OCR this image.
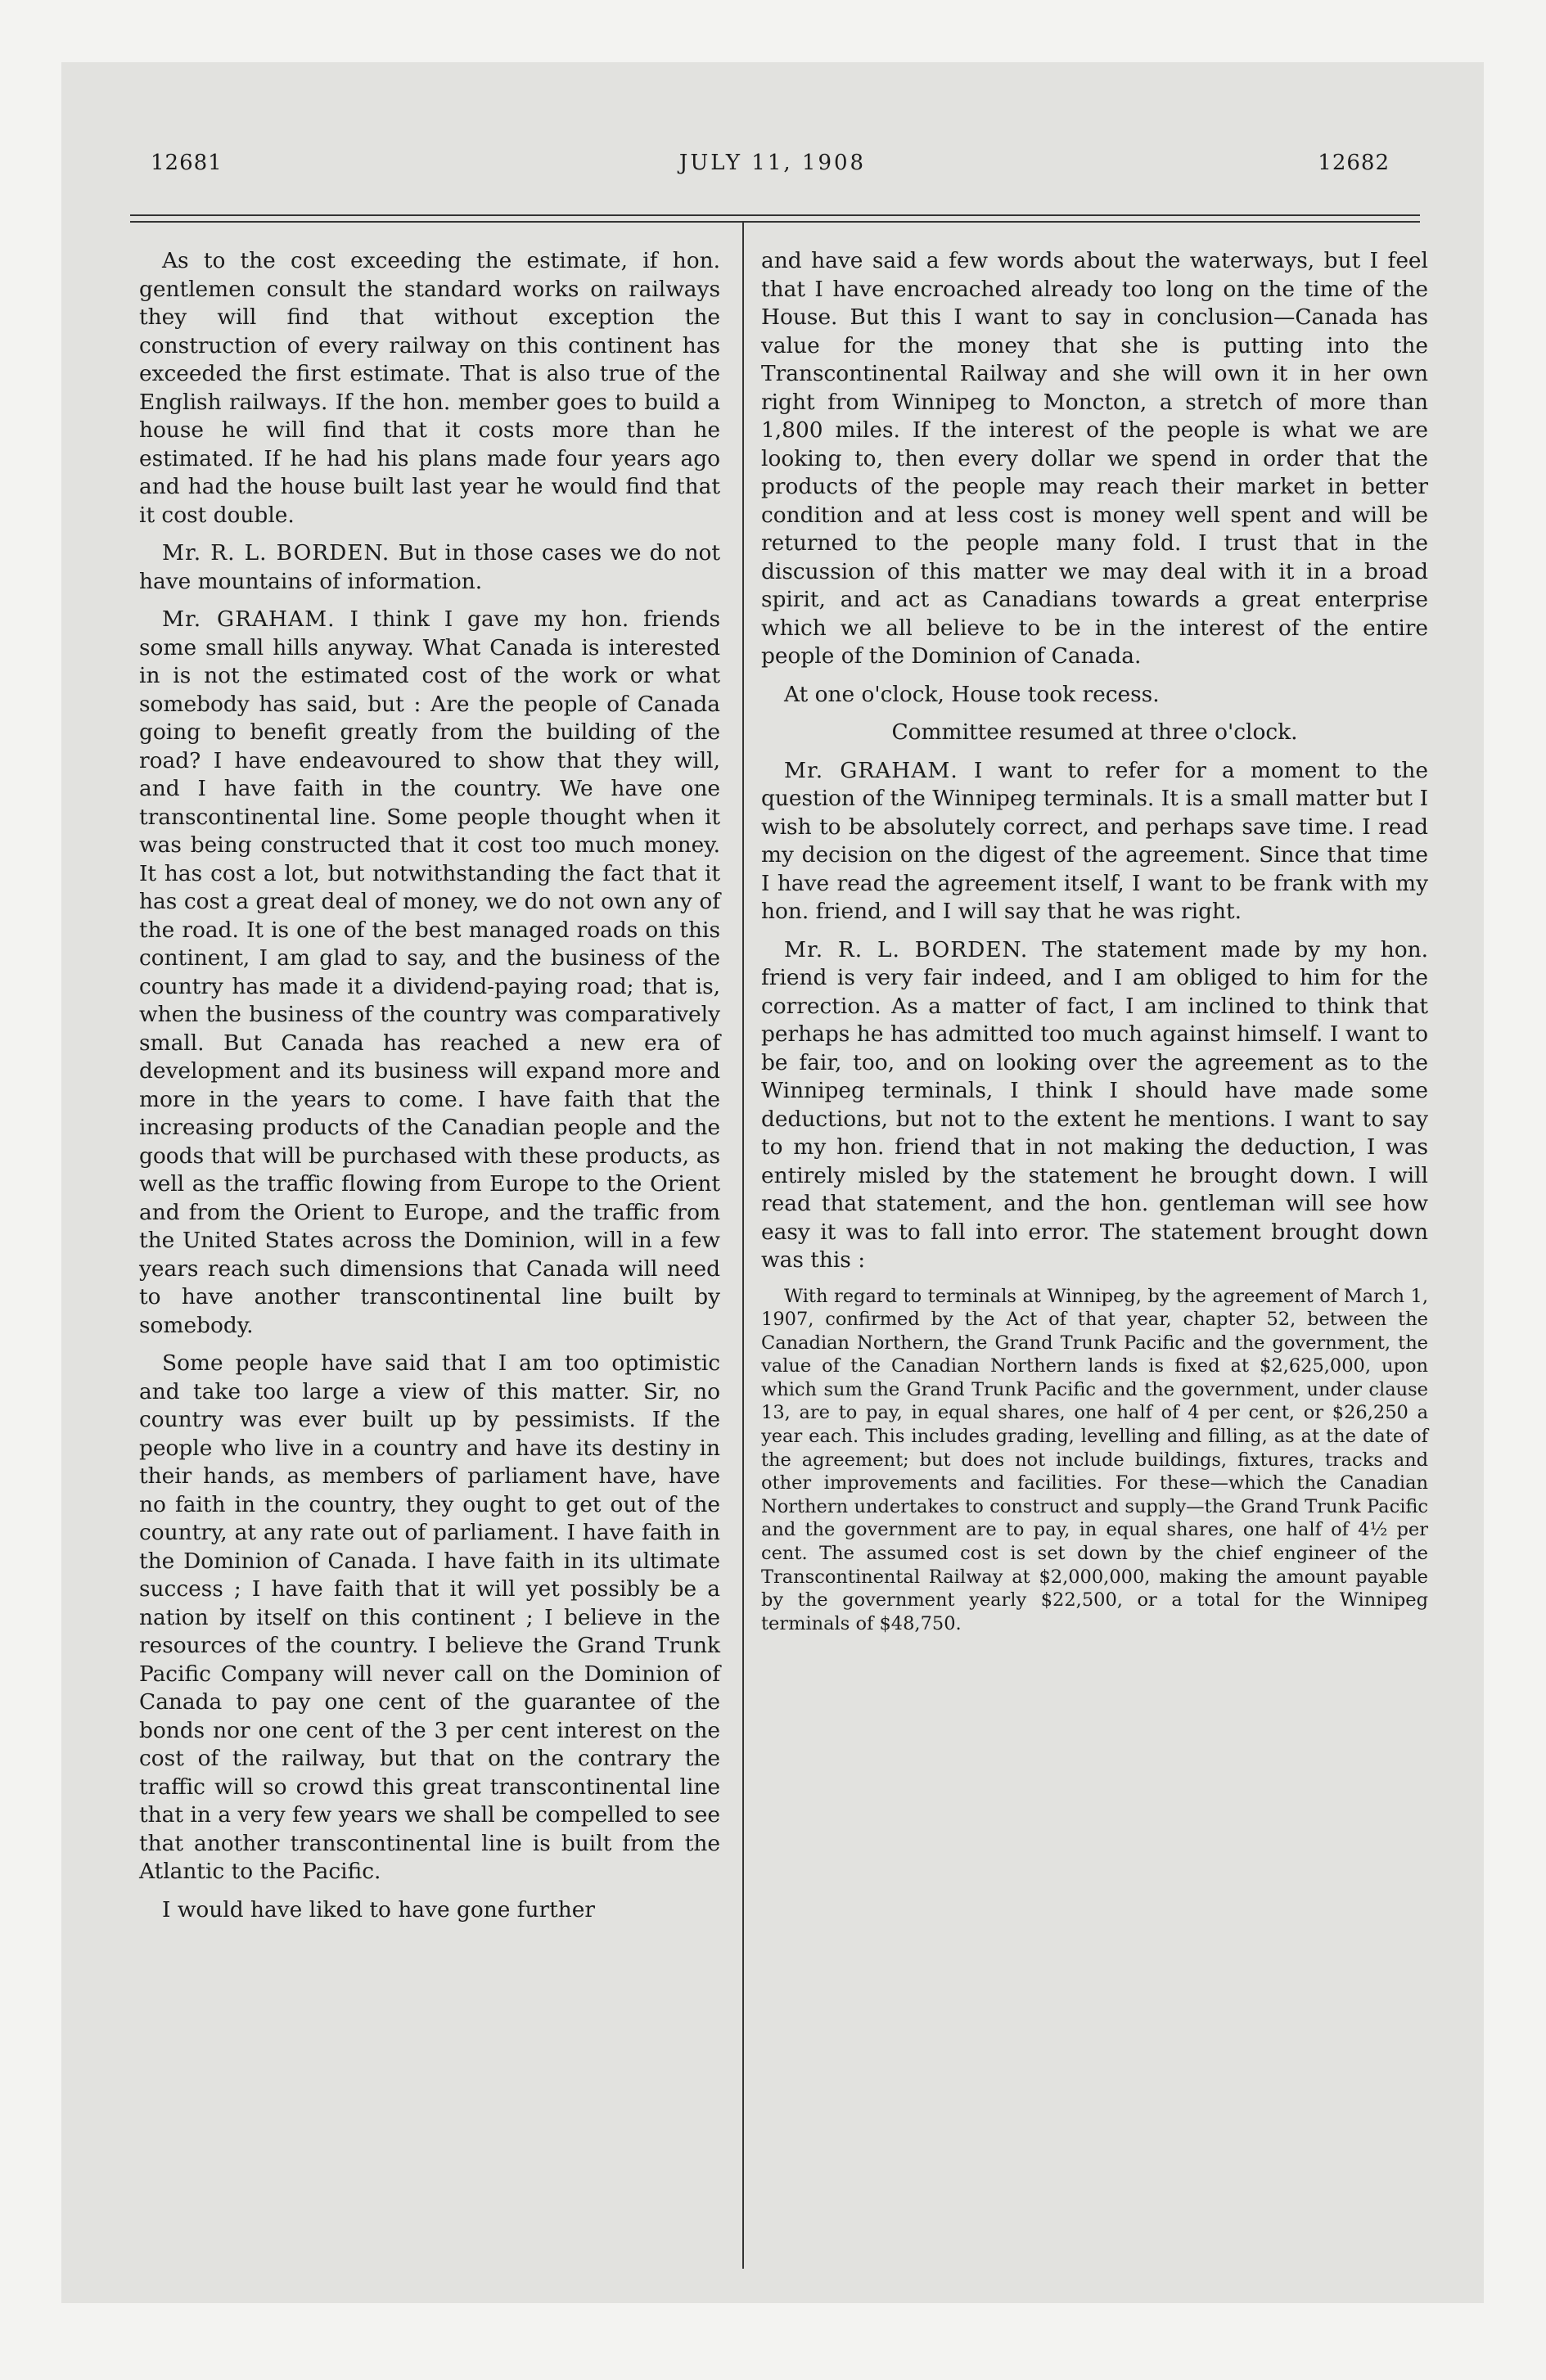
12681	JULY 11, 1908	12682

As to the cost exceeding the estimate, if hon. gentlemen consult the standard works on railways they will find that without exception the construction of every railway on this continent has exceeded the first estimate. That is also true of the English railways. If the hon. member goes to build a house he will find that it costs more than he estimated. If he had his plans made four years ago and had the house built last year he would find that it cost double.

Mr. R. L. BORDEN. But in those cases we do not have mountains of information.

Mr. GRAHAM. I think I gave my hon. friends some small hills anyway. What Canada is interested in is not the estimated cost of the work or what somebody has said, but : Are the people of Canada going to benefit greatly from the building of the road? I have endeavoured to show that they will, and I have faith in the country. We have one transcontinental line. Some people thought when it was being constructed that it cost too much money. It has cost a lot, but notwithstanding the fact that it has cost a great deal of money, we do not own any of the road. It is one of the best managed roads on this continent, I am glad to say, and the business of the country has made it a dividend-paying road; that is, when the business of the country was comparatively small. But Canada has reached a new era of development and its business will expand more and more in the years to come. I have faith that the increasing products of the Canadian people and the goods that will be purchased with these products, as well as the traffic flowing from Europe to the Orient and from the Orient to Europe, and the traffic from the United States across the Dominion, will in a few years reach such dimensions that Canada will need to have another transcontinental line built by somebody.

Some people have said that I am too optimistic and take too large a view of this matter. Sir, no country was ever built up by pessimists. If the people who live in a country and have its destiny in their hands, as members of parliament have, have no faith in the country, they ought to get out of the country, at any rate out of parliament. I have faith in the Dominion of Canada. I have faith in its ultimate success ; I have faith that it will yet possibly be a nation by itself on this continent ; I believe in the resources of the country. I believe the Grand Trunk Pacific Company will never call on the Dominion of Canada to pay one cent of the guarantee of the bonds nor one cent of the 3 per cent interest on the cost of the railway, but that on the contrary the traffic will so crowd this great transcontinental line that in a very few years we shall be compelled to see that another transcontinental line is built from the Atlantic to the Pacific.

I would have liked to have gone further

and have said a few words about the waterways, but I feel that I have encroached already too long on the time of the House. But this I want to say in conclusion—Canada has value for the money that she is putting into the Transcontinental Railway and she will own it in her own right from Winnipeg to Moncton, a stretch of more than 1,800 miles. If the interest of the people is what we are looking to, then every dollar we spend in order that the products of the people may reach their market in better condition and at less cost is money well spent and will be returned to the people many fold. I trust that in the discussion of this matter we may deal with it in a broad spirit, and act as Canadians towards a great enterprise which we all believe to be in the interest of the entire people of the Dominion of Canada.

At one o'clock, House took recess.

Committee resumed at three o'clock.

Mr. GRAHAM. I want to refer for a moment to the question of the Winnipeg terminals. It is a small matter but I wish to be absolutely correct, and perhaps save time. I read my decision on the digest of the agreement. Since that time I have read the agreement itself, I want to be frank with my hon. friend, and I will say that he was right.

Mr. R. L. BORDEN. The statement made by my hon. friend is very fair indeed, and I am obliged to him for the correction. As a matter of fact, I am inclined to think that perhaps he has admitted too much against himself. I want to be fair, too, and on looking over the agreement as to the Winnipeg terminals, I think I should have made some deductions, but not to the extent he mentions. I want to say to my hon. friend that in not making the deduction, I was entirely misled by the statement he brought down. I will read that statement, and the hon. gentleman will see how easy it was to fall into error. The statement brought down was this :

With regard to terminals at Winnipeg, by the agreement of March 1, 1907, confirmed by the Act of that year, chapter 52, between the Canadian Northern, the Grand Trunk Pacific and the government, the value of the Canadian Northern lands is fixed at $2,625,000, upon which sum the Grand Trunk Pacific and the government, under clause 13, are to pay, in equal shares, one half of 4 per cent, or $26,250 a year each. This includes grading, levelling and filling, as at the date of the agreement; but does not include buildings, fixtures, tracks and other improvements and facilities. For these—which the Canadian Northern undertakes to construct and supply—the Grand Trunk Pacific and the government are to pay, in equal shares, one half of 4½ per cent. The assumed cost is set down by the chief engineer of the Transcontinental Railway at $2,000,000, making the amount payable by the government yearly $22,500, or a total for the Winnipeg terminals of $48,750.
